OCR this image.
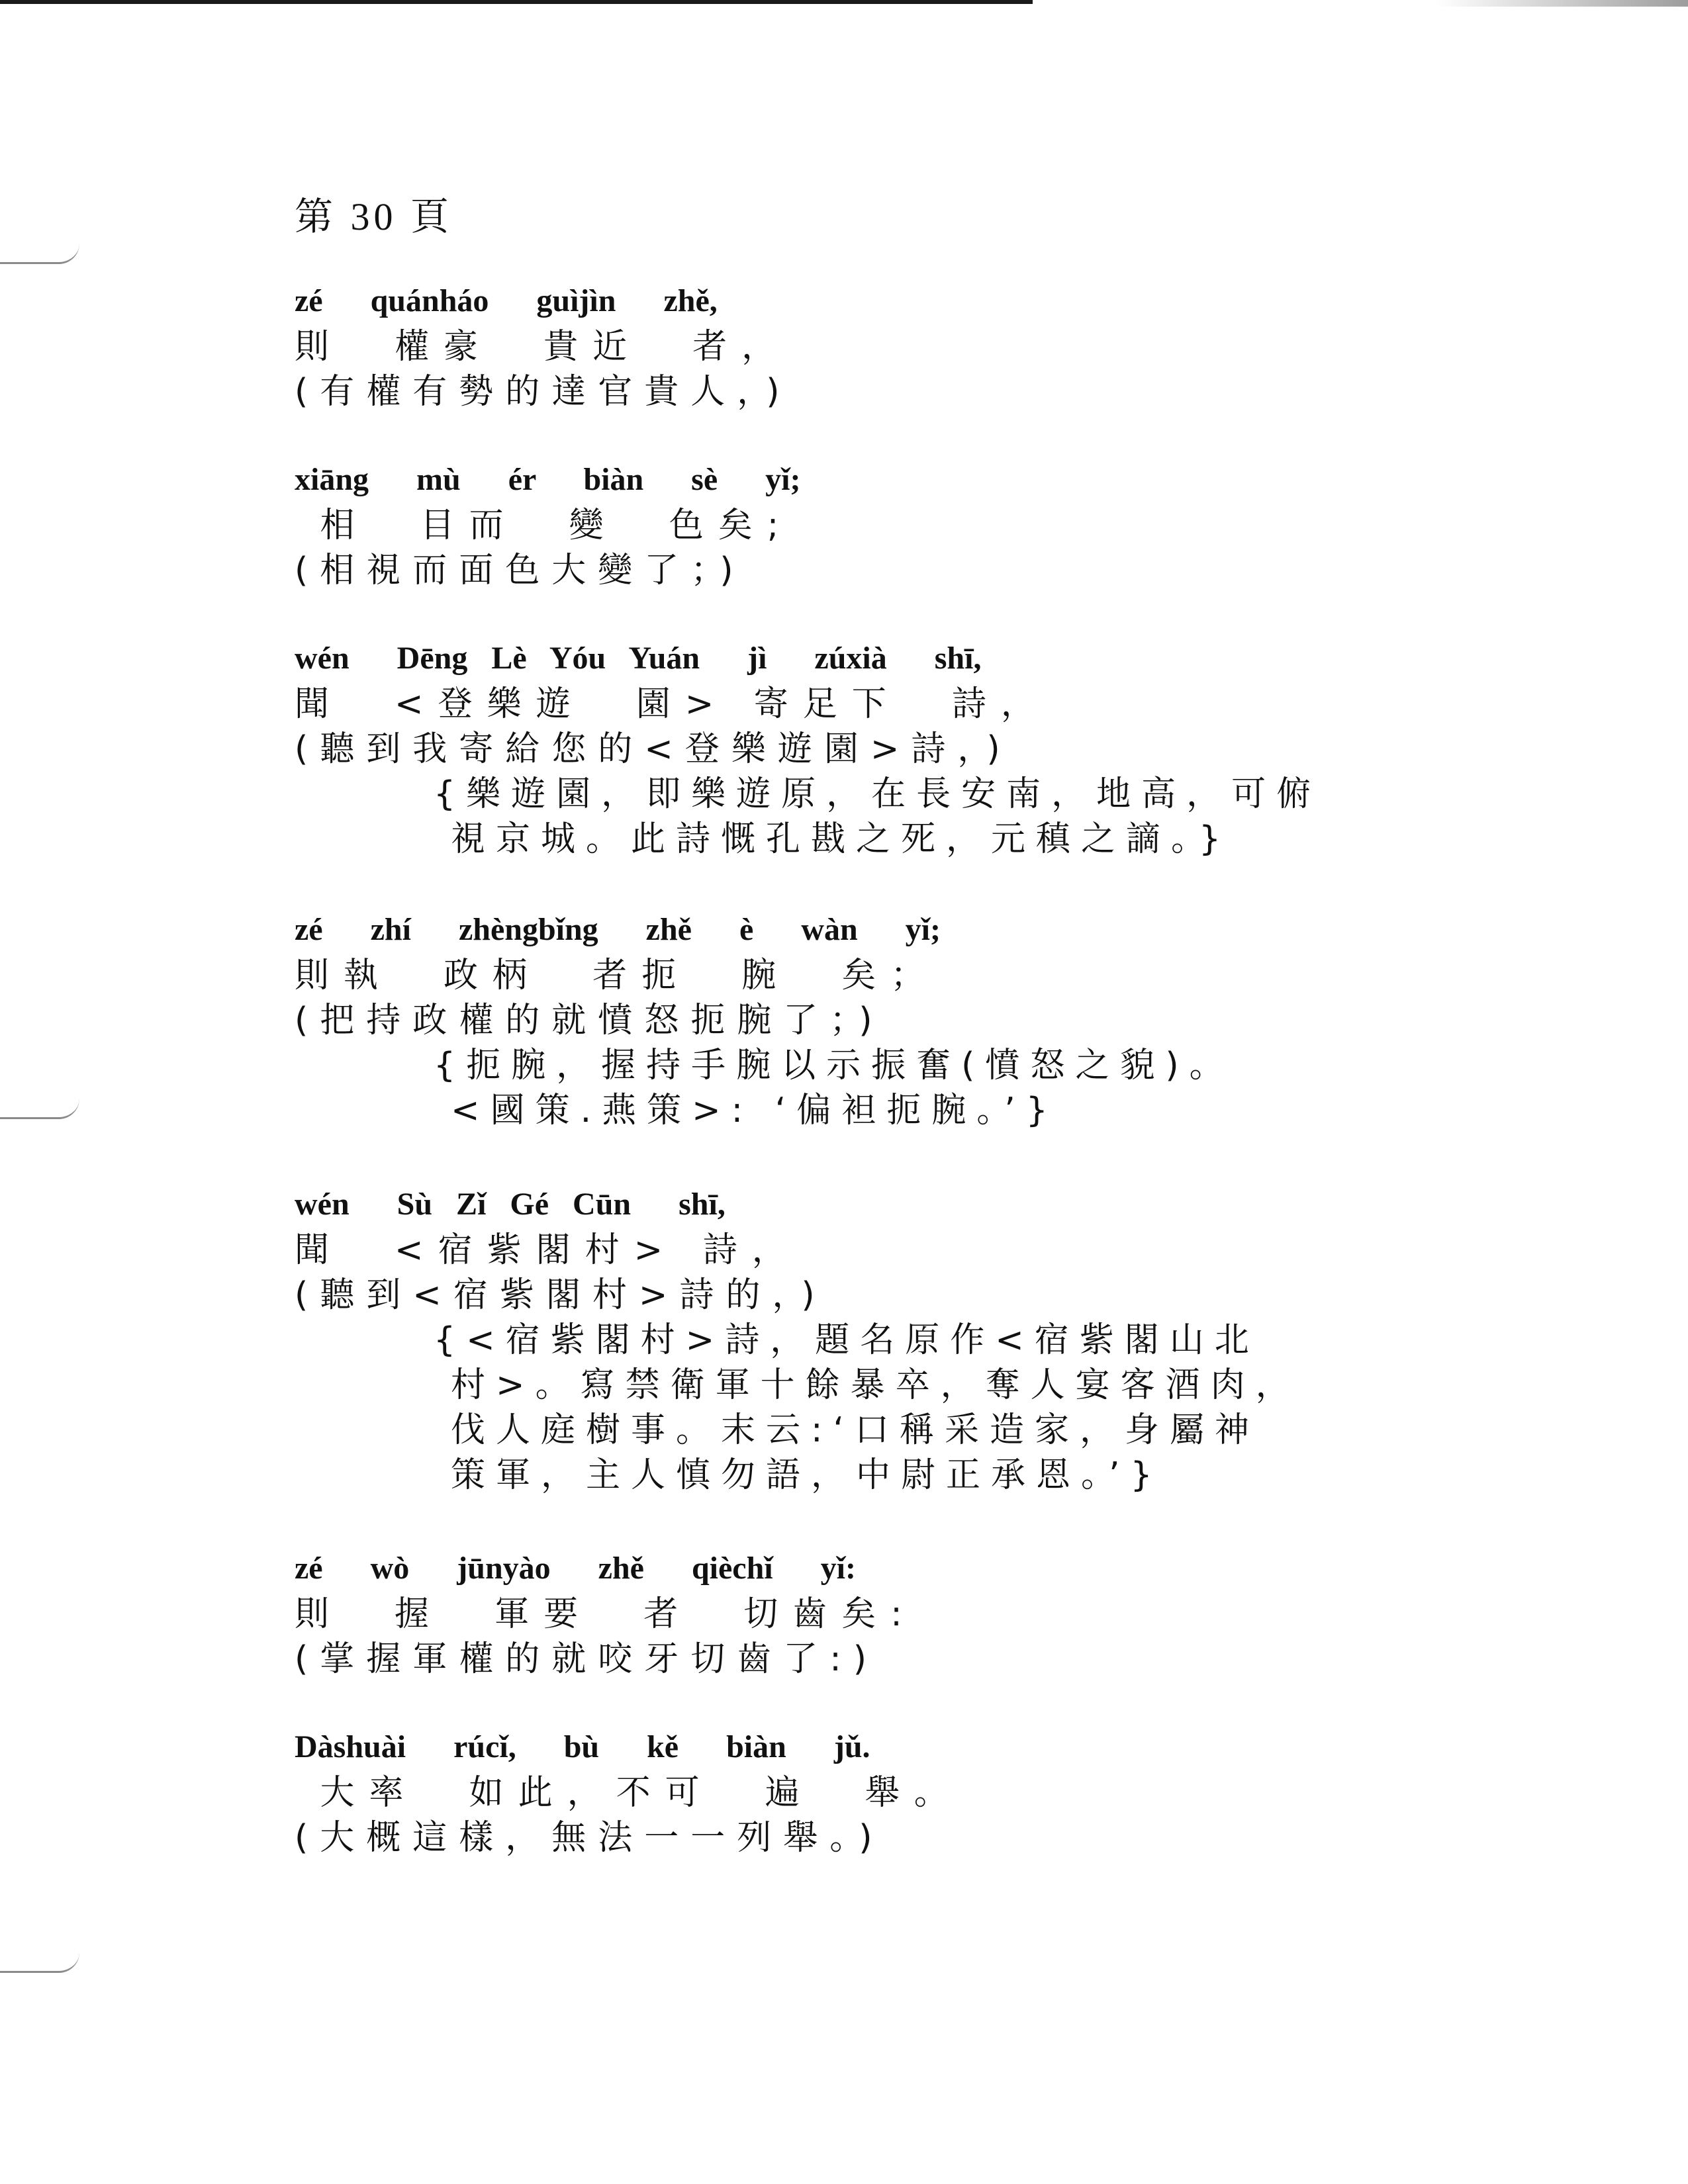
第 30 頁
zé  quánháo  guìjìn  zhě,
則  權豪  貴近  者，
(有權有勢的達官貴人，)
xiāng  mù  ér  biàn  sè  yǐ;
相  目而  變  色矣;
(相視而面色大變了；)
wén  Dēng Lè Yóu Yuán  jì  zúxià  shī,
聞  <登樂遊  園> 寄足下  詩，
(聽到我寄給您的<登樂遊園>詩，)
{樂遊園，即樂遊原，在長安南，地高，可俯
視京城。此詩慨孔戡之死，元稹之謫。}
zé  zhí  zhèngbǐng  zhě  è  wàn  yǐ;
則執  政柄  者扼  腕  矣；
(把持政權的就憤怒扼腕了；)
{扼腕，握持手腕以示振奮(憤怒之貌)。
<國策.燕策>: ‘偏袒扼腕。’}
wén  Sù Zǐ Gé Cūn  shī,
聞  <宿紫閣村> 詩，
(聽到<宿紫閣村>詩的，)
{<宿紫閣村>詩，題名原作<宿紫閣山北
村>。寫禁衛軍十餘暴卒，奪人宴客酒肉，
伐人庭樹事。末云:‘口稱采造家，身屬神
策軍，主人慎勿語，中尉正承恩。’}
zé  wò  jūnyào  zhě  qièchǐ  yǐ:
則  握  軍要  者  切齒矣:
(掌握軍權的就咬牙切齒了:)
Dàshuài  rúcǐ,  bù  kě  biàn  jǔ.
大率  如此，不可  遍  舉。
(大概這樣，無法一一列舉。)
